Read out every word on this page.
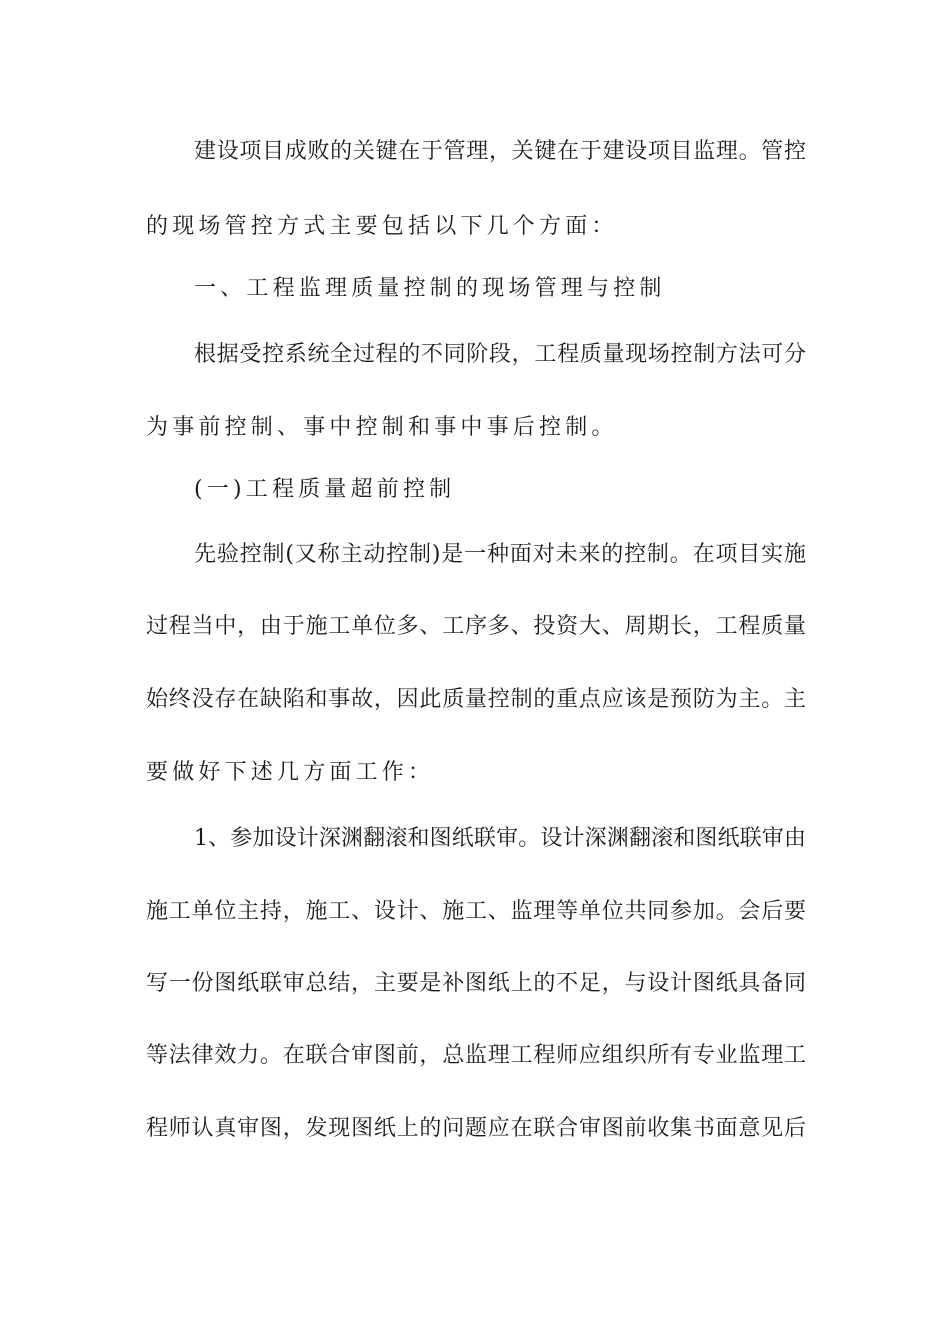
建设项目成败的关键在于管理，关键在于建设项目监理。管控
的现场管控方式主要包括以下几个方面：
一、工程监理质量控制的现场管理与控制
根据受控系统全过程的不同阶段，工程质量现场控制方法可分
为事前控制、事中控制和事中事后控制。
(一)工程质量超前控制
先验控制(又称主动控制)是一种面对未来的控制。在项目实施
过程当中，由于施工单位多、工序多、投资大、周期长，工程质量
始终没存在缺陷和事故，因此质量控制的重点应该是预防为主。主
要做好下述几方面工作：
1、参加设计深渊翻滚和图纸联审。设计深渊翻滚和图纸联审由
施工单位主持，施工、设计、施工、监理等单位共同参加。会后要
写一份图纸联审总结，主要是补图纸上的不足，与设计图纸具备同
等法律效力。在联合审图前，总监理工程师应组织所有专业监理工
程师认真审图，发现图纸上的问题应在联合审图前收集书面意见后
